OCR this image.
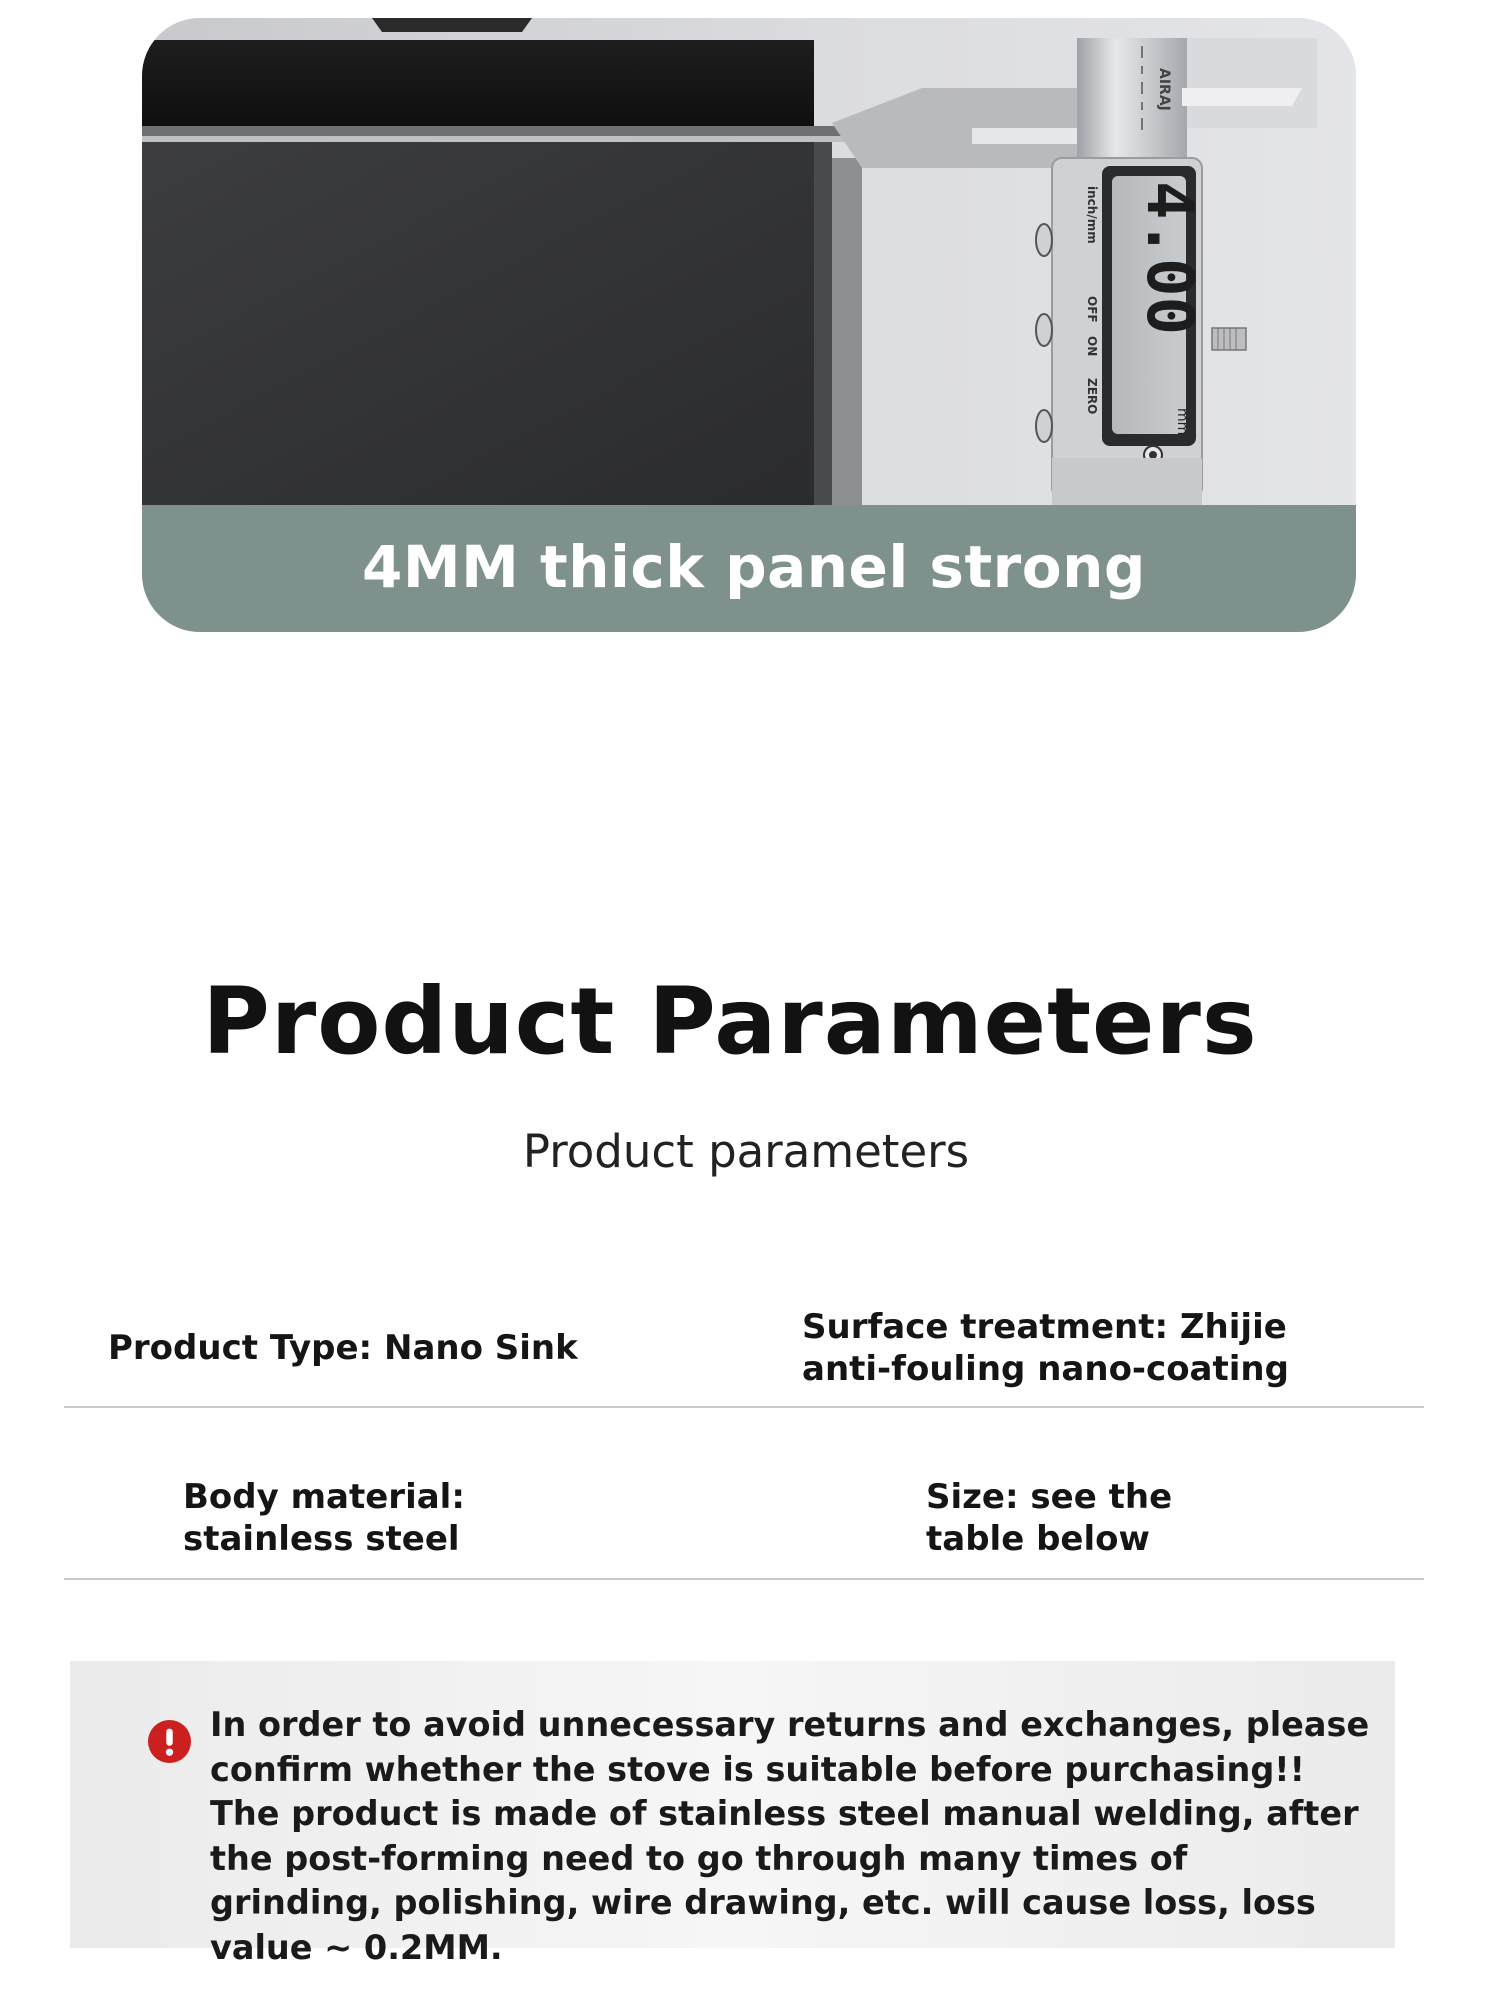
AIRAJ
4.00
mm
inch/mm
OFF
ON
ZERO
4MM thick panel strong
Product Parameters
Product parameters
Product Type: Nano Sink
Surface treatment: Zhijie
anti-fouling nano-coating
Body material:
stainless steel
Size: see the
table below
In order to avoid unnecessary returns and exchanges, please confirm whether the stove is suitable before purchasing!! The product is made of stainless steel manual welding, after the post-forming need to go through many times of grinding, polishing, wire drawing, etc. will cause loss, loss value ~ 0.2MM.
